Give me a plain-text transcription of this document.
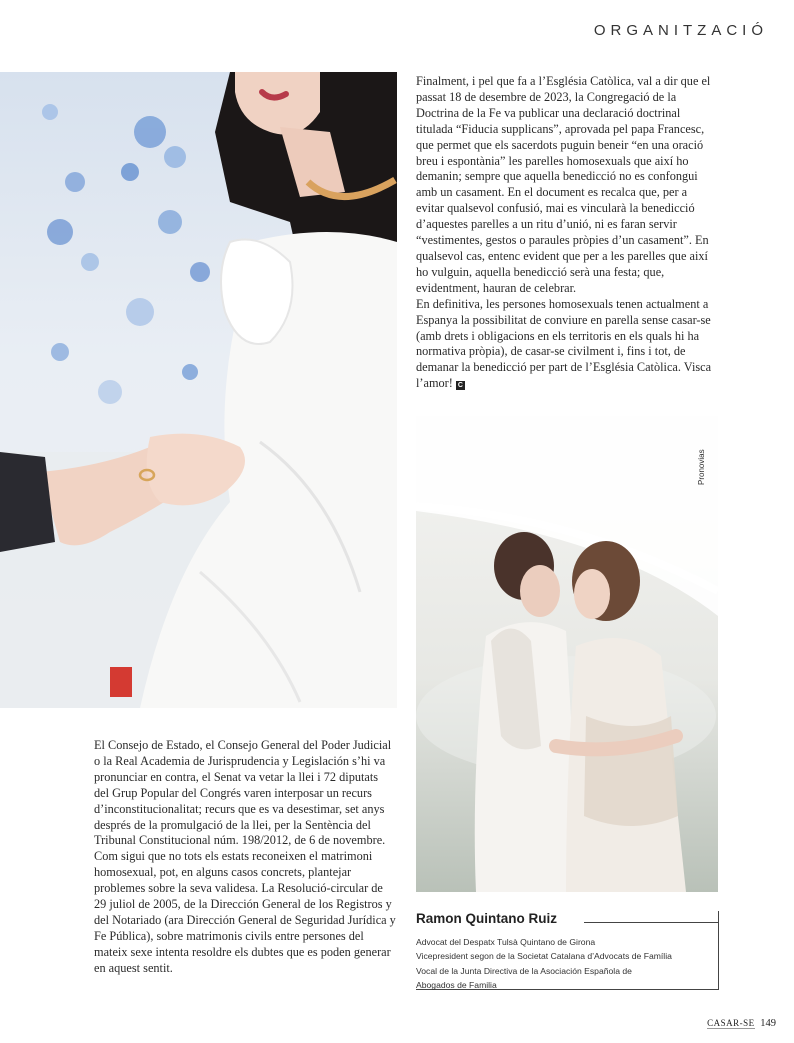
ORGANITZACIÓ
Pronovias

Finalment, i pel que fa a l’Església Catòlica, val a dir que el passat 18 de desembre de 2023, la Congregació de la Doctrina de la Fe va publicar una declaració doctrinal titulada “Fiducia supplicans”, aprovada pel papa Francesc, que permet que els sacerdots puguin beneir “en una oració breu i espontània” les parelles homosexuals que així ho demanin; sempre que aquella benedicció no es confongui amb un casament. En el document es recalca que, per a evitar qualsevol confusió, mai es vincularà la benedicció d’aquestes parelles a un ritu d’unió, ni es faran servir “vestimentes, gestos o paraules pròpies d’un casament”. En qualsevol cas, entenc evident que per a les parelles que així ho vulguin, aquella benedicció serà una festa; que, evidentment, hauran de celebrar.

En definitiva, les persones homosexuals tenen actualment a Espanya la possibilitat de conviure en parella sense casar-se (amb drets i obligacions en els territoris en els quals hi ha normativa pròpia), de casar-se civilment i, fins i tot, de demanar la benedicció per part de l’Església Catòlica. Visca l’amor! C

El Consejo de Estado, el Consejo General del Poder Judicial o la Real Academia de Jurisprudencia y Legislación s’hi va pronunciar en contra, el Senat va vetar la llei i 72 diputats del Grup Popular del Congrés varen interposar un recurs d’inconstitucionalitat; recurs que es va desestimar, set anys després de la promulgació de la llei, per la Sentència del Tribunal Constitucional núm. 198/2012, de 6 de novembre.

Com sigui que no tots els estats reconeixen el matrimoni homosexual, pot, en alguns casos concrets, plantejar problemes sobre la seva validesa. La Resolució-circular de 29 juliol de 2005, de la Dirección General de los Registros y del Notariado (ara Dirección General de Seguridad Jurídica y Fe Pública), sobre matrimonis civils entre persones del mateix sexe intenta resoldre els dubtes que es poden generar en aquest sentit.

Ramon Quintano Ruiz
Advocat del Despatx Tulsà Quintano de Girona
Vicepresident segon de la Societat Catalana d’Advocats de Família
Vocal de la Junta Directiva de la Asociación Española de
Abogados de Familia
CASAR-SE 149
